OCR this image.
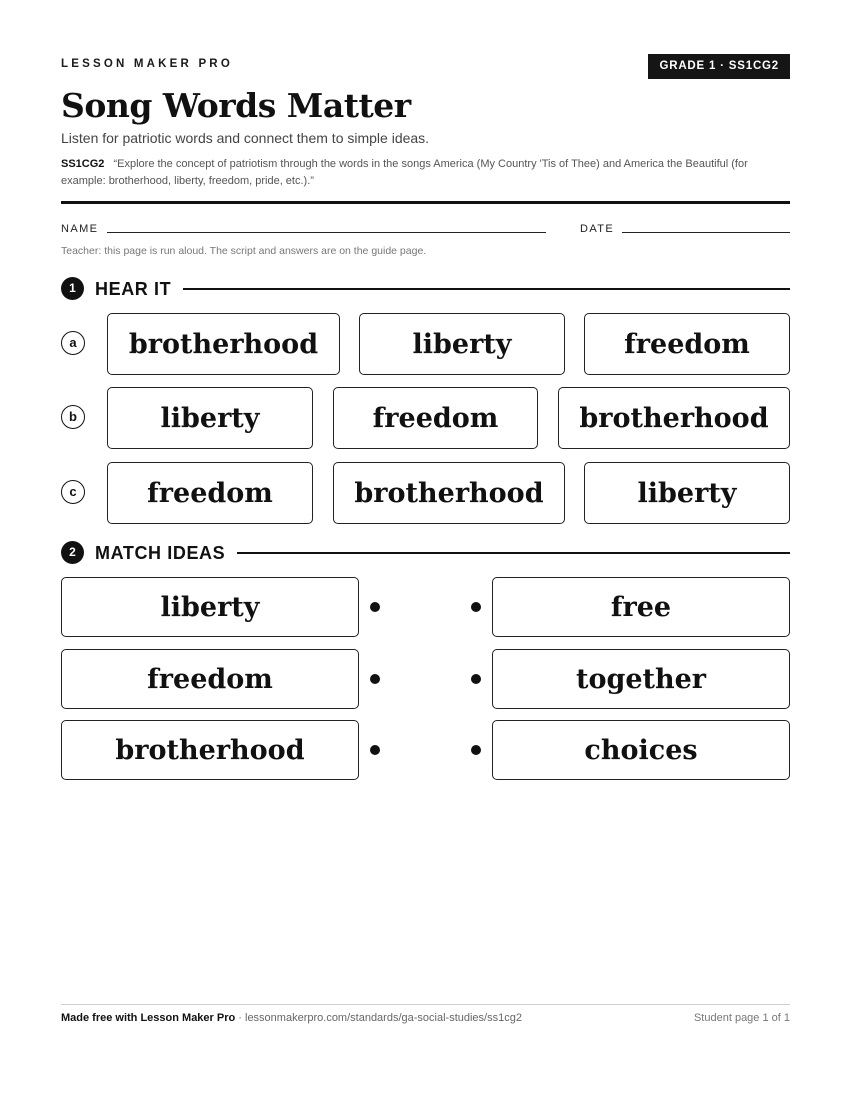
LESSON MAKER PRO	GRADE 1 · SS1CG2
Song Words Matter
Listen for patriotic words and connect them to simple ideas.
SS1CG2 “Explore the concept of patriotism through the words in the songs America (My Country 'Tis of Thee) and America the Beautiful (for example: brotherhood, liberty, freedom, pride, etc.).”
NAME	DATE
Teacher: this page is run aloud. The script and answers are on the guide page.
1	HEAR IT
a	brotherhood	liberty	freedom
b	liberty	freedom	brotherhood
c	freedom	brotherhood	liberty
2	MATCH IDEAS
liberty	free
freedom	together
brotherhood	choices
Made free with Lesson Maker Pro · lessonmakerpro.com/standards/ga-social-studies/ss1cg2	Student page 1 of 1
